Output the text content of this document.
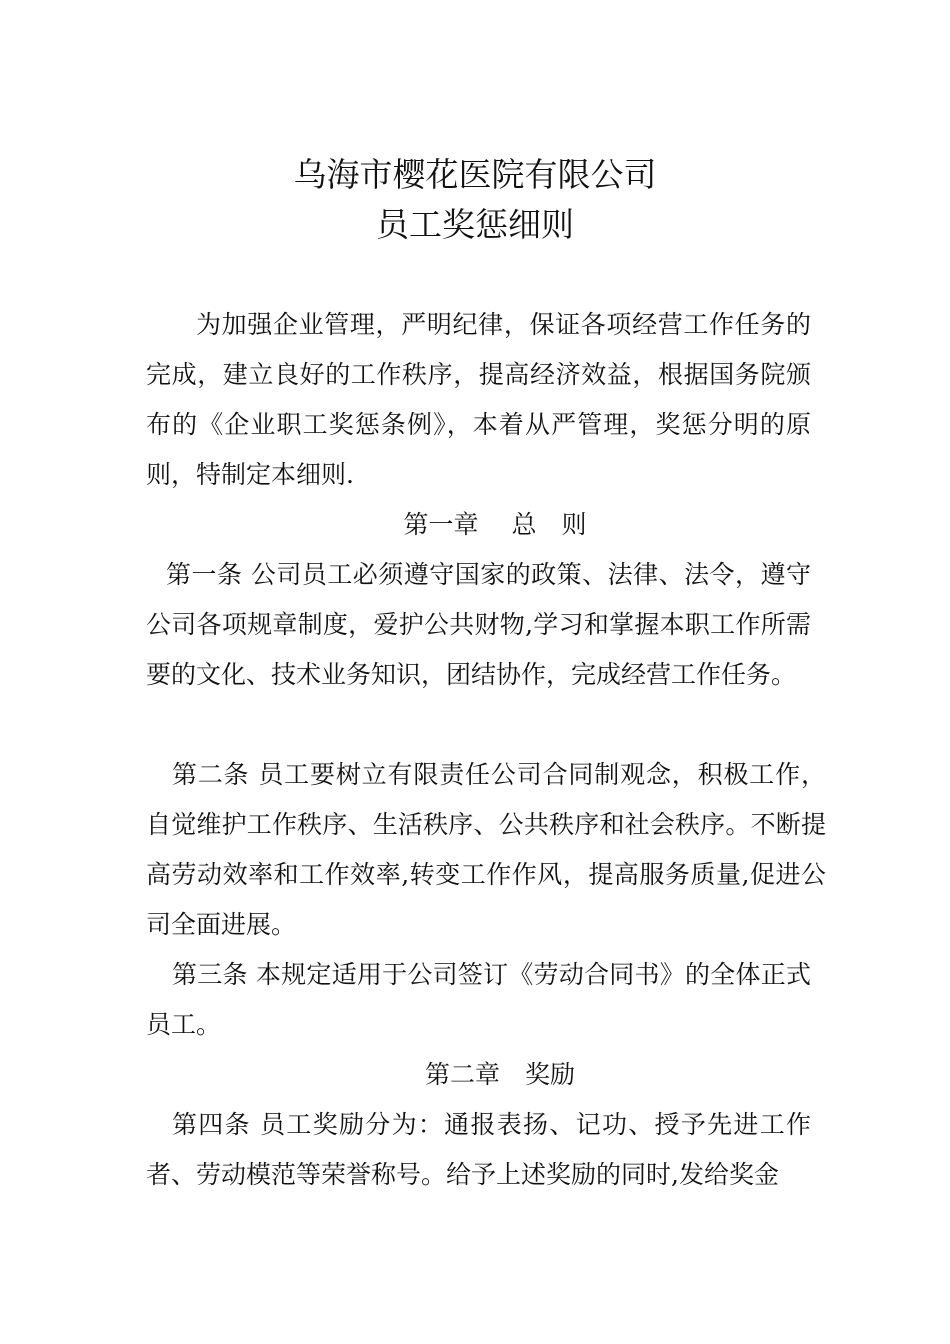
乌海市樱花医院有限公司
员工奖惩细则

为加强企业管理，严明纪律，保证各项经营工作任务的完成，建立良好的工作秩序，提高经济效益，根据国务院颁布的《企业职工奖惩条例》，本着从严管理，奖惩分明的原则，特制定本细则.

第一章　 总　则

第一条 公司员工必须遵守国家的政策、法律、法令，遵守公司各项规章制度，爱护公共财物,学习和掌握本职工作所需要的文化、技术业务知识，团结协作，完成经营工作任务。

第二条 员工要树立有限责任公司合同制观念，积极工作，自觉维护工作秩序、生活秩序、公共秩序和社会秩序。不断提高劳动效率和工作效率,转变工作作风，提高服务质量,促进公司全面进展。

第三条 本规定适用于公司签订《劳动合同书》的全体正式员工。

第二章　奖励

第四条 员工奖励分为：通报表扬、记功、授予先进工作者、劳动模范等荣誉称号。给予上述奖励的同时,发给奖金
